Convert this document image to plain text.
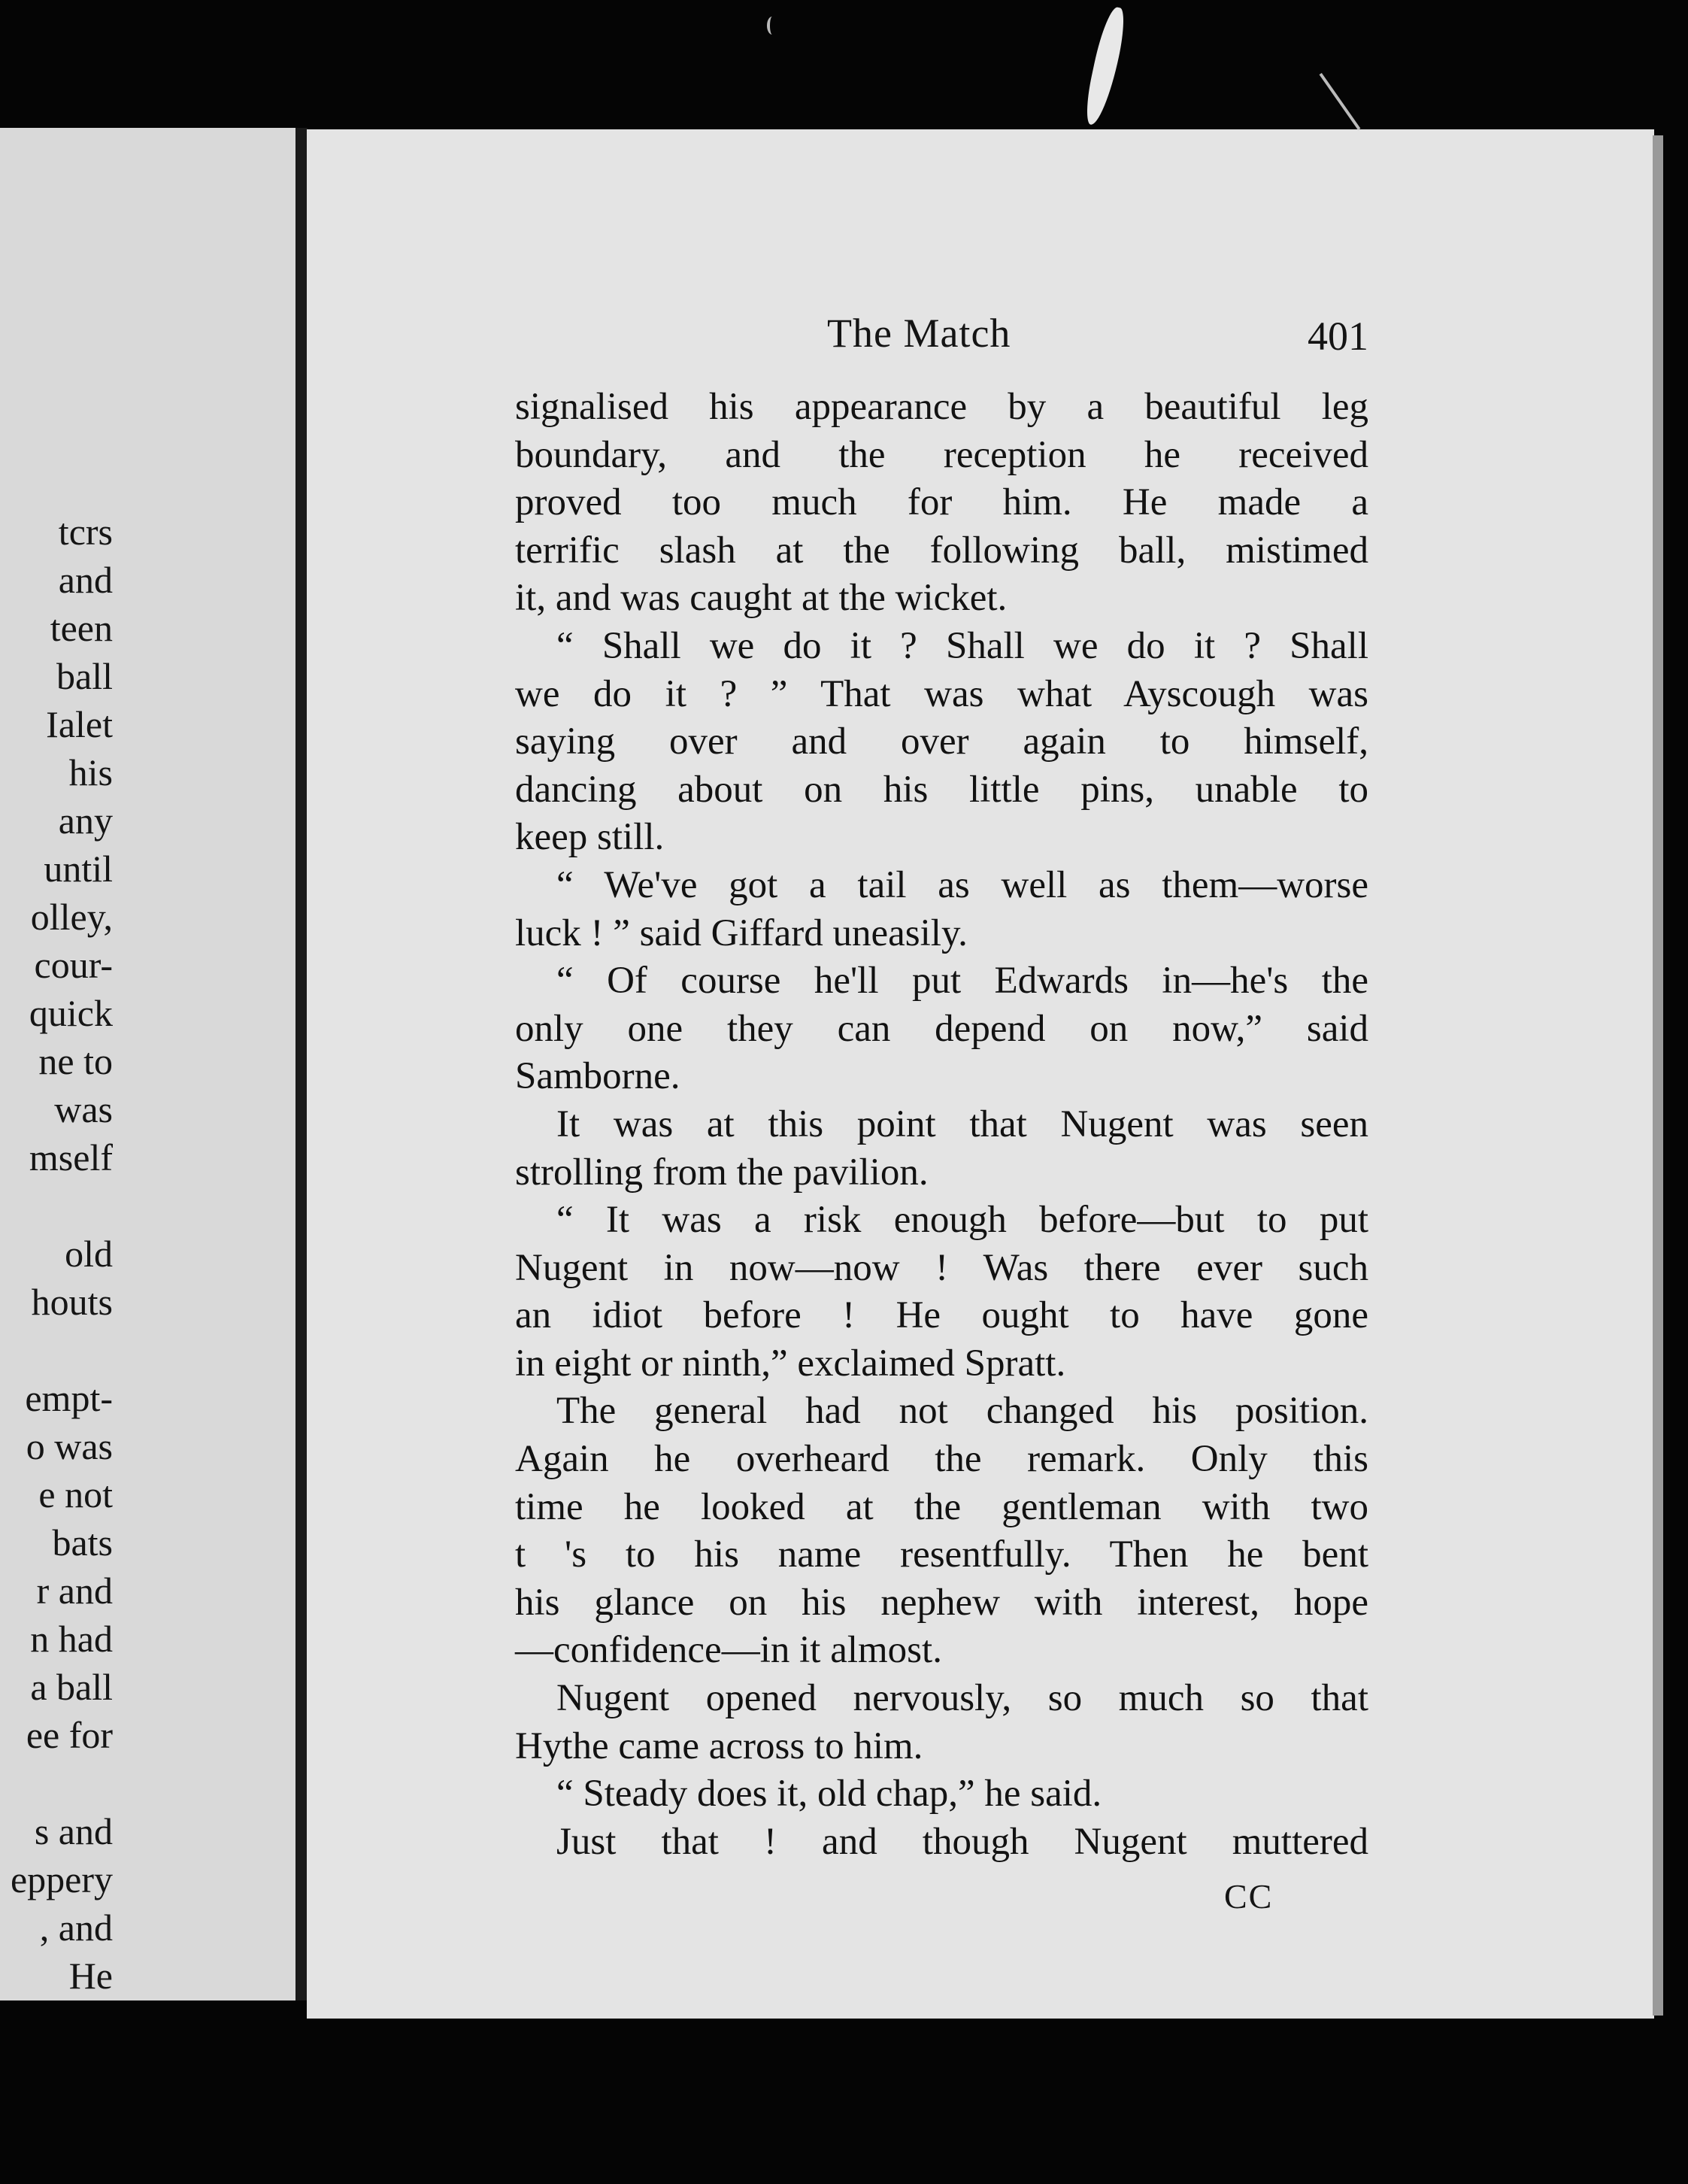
tcrs
and
teen
ball
Ialet
his
any
until
olley,
cour-
quick
ne to
was
mself
old
houts
empt-
o was
e not
bats
r and
n had
a ball
ee for
s and
eppery
, and
He
The Match	401
signalised his appearance by a beautiful leg
boundary, and the reception he received
proved too much for him. He made a
terrific slash at the following ball, mistimed
it, and was caught at the wicket.
“ Shall we do it ? Shall we do it ? Shall
we do it ? ” That was what Ayscough was
saying over and over again to himself,
dancing about on his little pins, unable to
keep still.
“ We've got a tail as well as them—worse
luck ! ” said Giffard uneasily.
“ Of course he'll put Edwards in—he's the
only one they can depend on now,” said
Samborne.
It was at this point that Nugent was seen
strolling from the pavilion.
“ It was a risk enough before—but to put
Nugent in now—now ! Was there ever such
an idiot before ! He ought to have gone
in eight or ninth,” exclaimed Spratt.
The general had not changed his position.
Again he overheard the remark. Only this
time he looked at the gentleman with two
t 's to his name resentfully. Then he bent
his glance on his nephew with interest, hope
—confidence—in it almost.
Nugent opened nervously, so much so that
Hythe came across to him.
“ Steady does it, old chap,” he said.
Just that ! and though Nugent muttered
CC
